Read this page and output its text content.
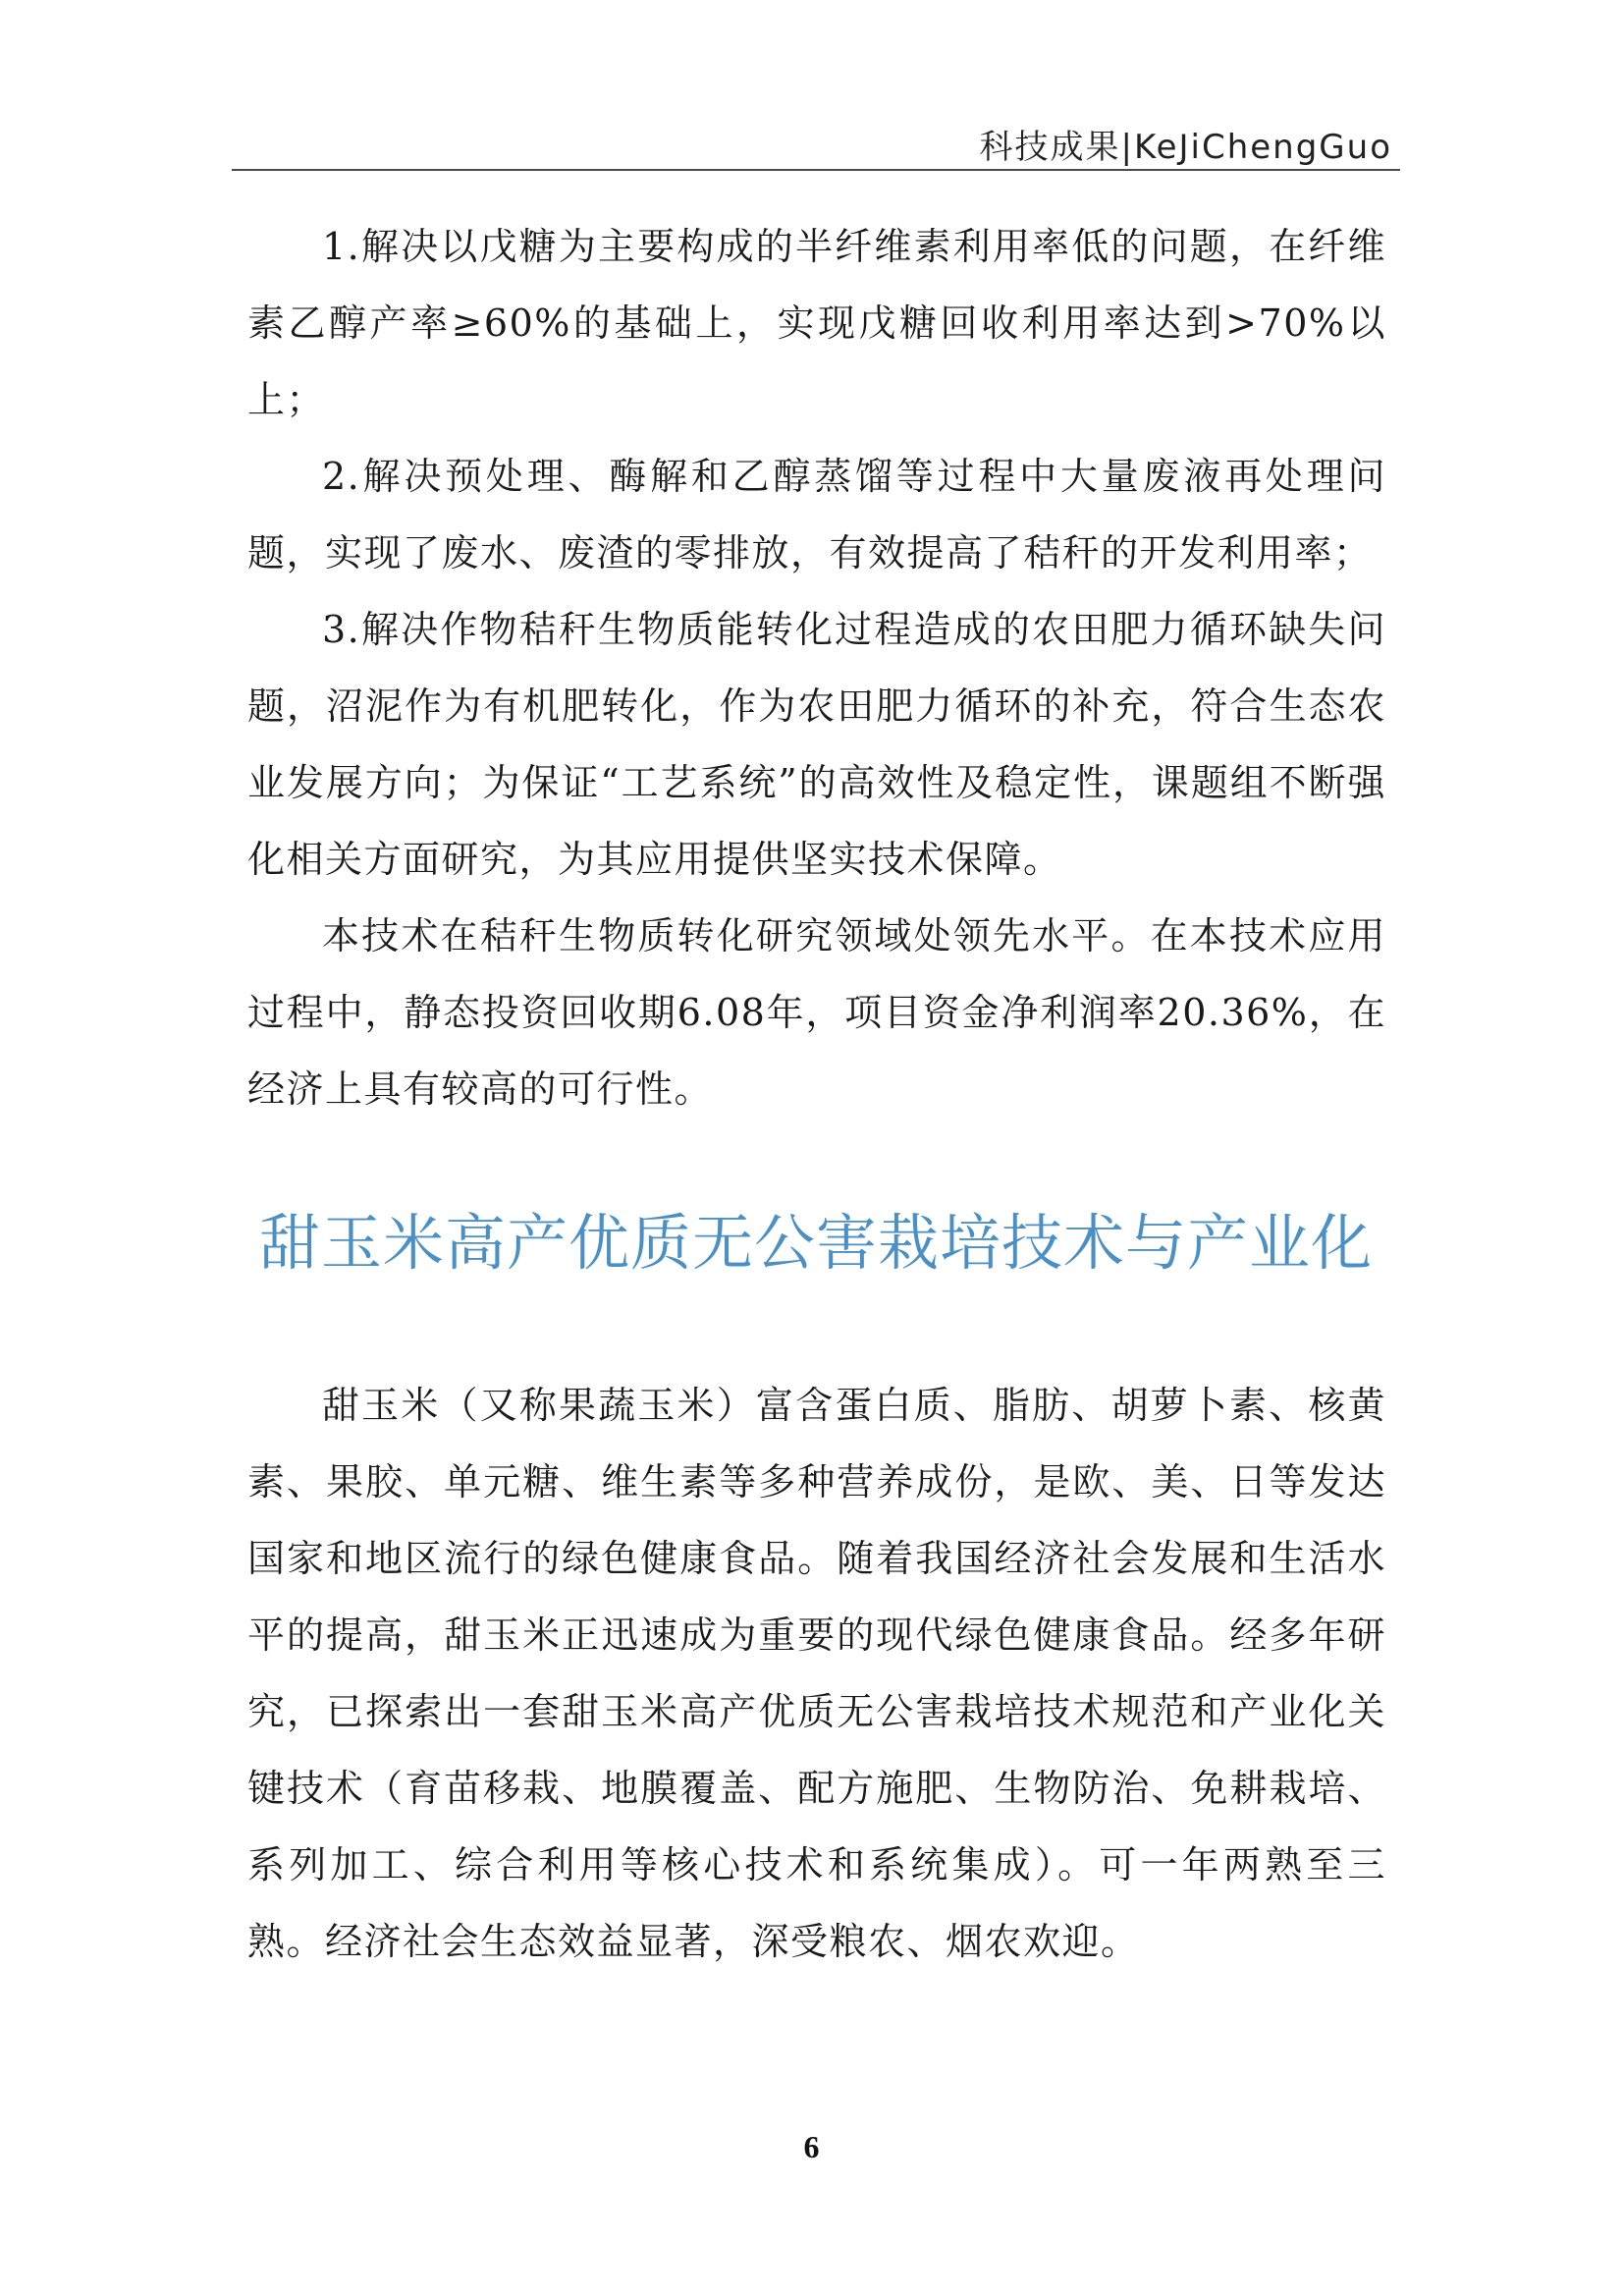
科技成果|KeJiChengGuo

1.解决以戊糖为主要构成的半纤维素利用率低的问题，在纤维素乙醇产率≥60%的基础上，实现戊糖回收利用率达到>70%以上；

2.解决预处理、酶解和乙醇蒸馏等过程中大量废液再处理问题，实现了废水、废渣的零排放，有效提高了秸秆的开发利用率；

3.解决作物秸秆生物质能转化过程造成的农田肥力循环缺失问题，沼泥作为有机肥转化，作为农田肥力循环的补充，符合生态农业发展方向；为保证“工艺系统”的高效性及稳定性，课题组不断强化相关方面研究，为其应用提供坚实技术保障。

本技术在秸秆生物质转化研究领域处领先水平。在本技术应用过程中，静态投资回收期6.08年，项目资金净利润率20.36%，在经济上具有较高的可行性。

甜玉米高产优质无公害栽培技术与产业化

甜玉米（又称果蔬玉米）富含蛋白质、脂肪、胡萝卜素、核黄素、果胶、单元糖、维生素等多种营养成份，是欧、美、日等发达国家和地区流行的绿色健康食品。随着我国经济社会发展和生活水平的提高，甜玉米正迅速成为重要的现代绿色健康食品。经多年研究，已探索出一套甜玉米高产优质无公害栽培技术规范和产业化关键技术（育苗移栽、地膜覆盖、配方施肥、生物防治、免耕栽培、系列加工、综合利用等核心技术和系统集成）。可一年两熟至三熟。经济社会生态效益显著，深受粮农、烟农欢迎。

6
